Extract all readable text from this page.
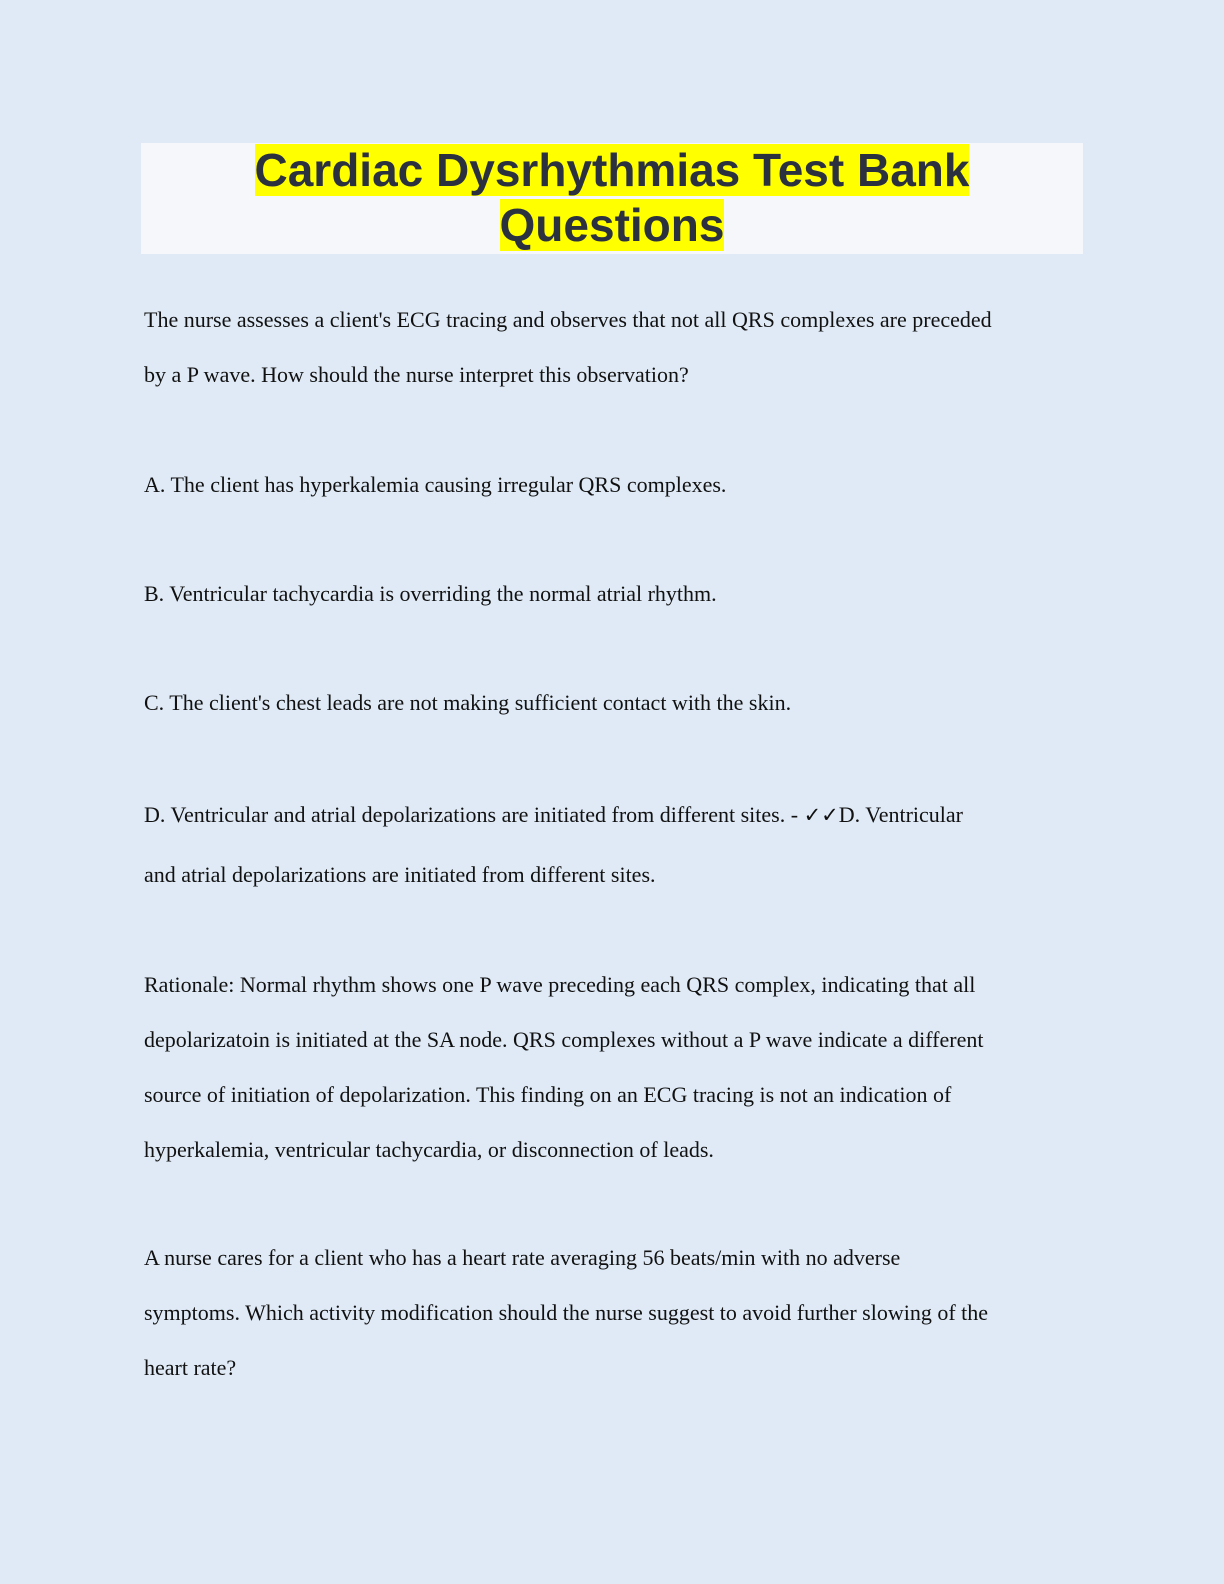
Cardiac Dysrhythmias Test Bank
Questions

The nurse assesses a client's ECG tracing and observes that not all QRS complexes are preceded
by a P wave. How should the nurse interpret this observation?

A. The client has hyperkalemia causing irregular QRS complexes.

B. Ventricular tachycardia is overriding the normal atrial rhythm.

C. The client's chest leads are not making sufficient contact with the skin.

D. Ventricular and atrial depolarizations are initiated from different sites. - ✓✓D. Ventricular
and atrial depolarizations are initiated from different sites.

Rationale: Normal rhythm shows one P wave preceding each QRS complex, indicating that all
depolarizatoin is initiated at the SA node. QRS complexes without a P wave indicate a different
source of initiation of depolarization. This finding on an ECG tracing is not an indication of
hyperkalemia, ventricular tachycardia, or disconnection of leads.

A nurse cares for a client who has a heart rate averaging 56 beats/min with no adverse
symptoms. Which activity modification should the nurse suggest to avoid further slowing of the
heart rate?
